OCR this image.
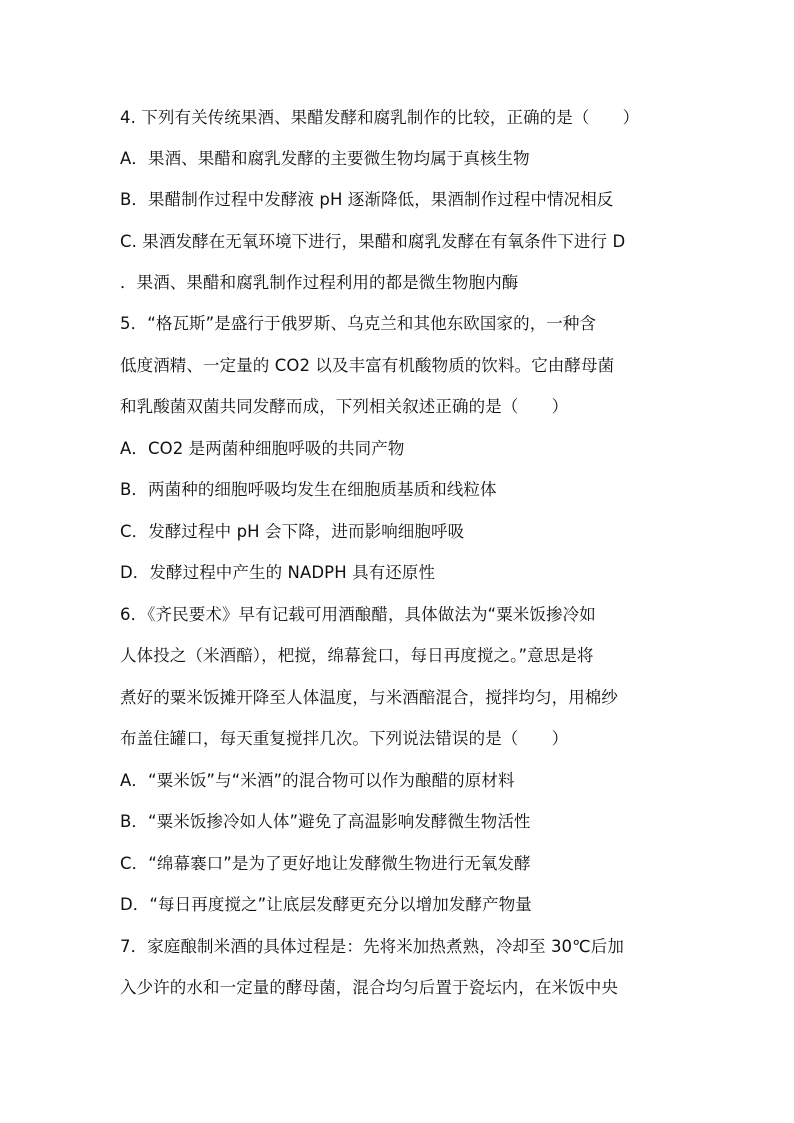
4. 下列有关传统果酒、果醋发酵和腐乳制作的比较，正确的是（　　）
A．果酒、果醋和腐乳发酵的主要微生物均属于真核生物
B．果醋制作过程中发酵液 pH 逐渐降低，果酒制作过程中情况相反
C. 果酒发酵在无氧环境下进行，果醋和腐乳发酵在有氧条件下进行 D
．果酒、果醋和腐乳制作过程利用的都是微生物胞内酶
5．“格瓦斯”是盛行于俄罗斯、乌克兰和其他东欧国家的，一种含
低度酒精、一定量的 CO2 以及丰富有机酸物质的饮料。它由酵母菌
和乳酸菌双菌共同发酵而成，下列相关叙述正确的是（　　）
A．CO2 是两菌种细胞呼吸的共同产物
B．两菌种的细胞呼吸均发生在细胞质基质和线粒体
C．发酵过程中 pH 会下降，进而影响细胞呼吸
D．发酵过程中产生的 NADPH 具有还原性
6．《齐民要术》早有记载可用酒酿醋，具体做法为“粟米饭掺冷如
人体投之（米酒醅），杷搅，绵幕瓮口，每日再度搅之。”意思是将
煮好的粟米饭摊开降至人体温度，与米酒醅混合，搅拌均匀，用棉纱
布盖住罐口，每天重复搅拌几次。下列说法错误的是（　　）
A．“粟米饭”与“米酒”的混合物可以作为酿醋的原材料
B．“粟米饭掺冷如人体”避免了高温影响发酵微生物活性
C．“绵幕褰口”是为了更好地让发酵微生物进行无氧发酵
D．“每日再度搅之”让底层发酵更充分以增加发酵产物量
7．家庭酿制米酒的具体过程是：先将米加热煮熟，冷却至 30℃后加
入少许的水和一定量的酵母菌，混合均匀后置于瓷坛内，在米饭中央
